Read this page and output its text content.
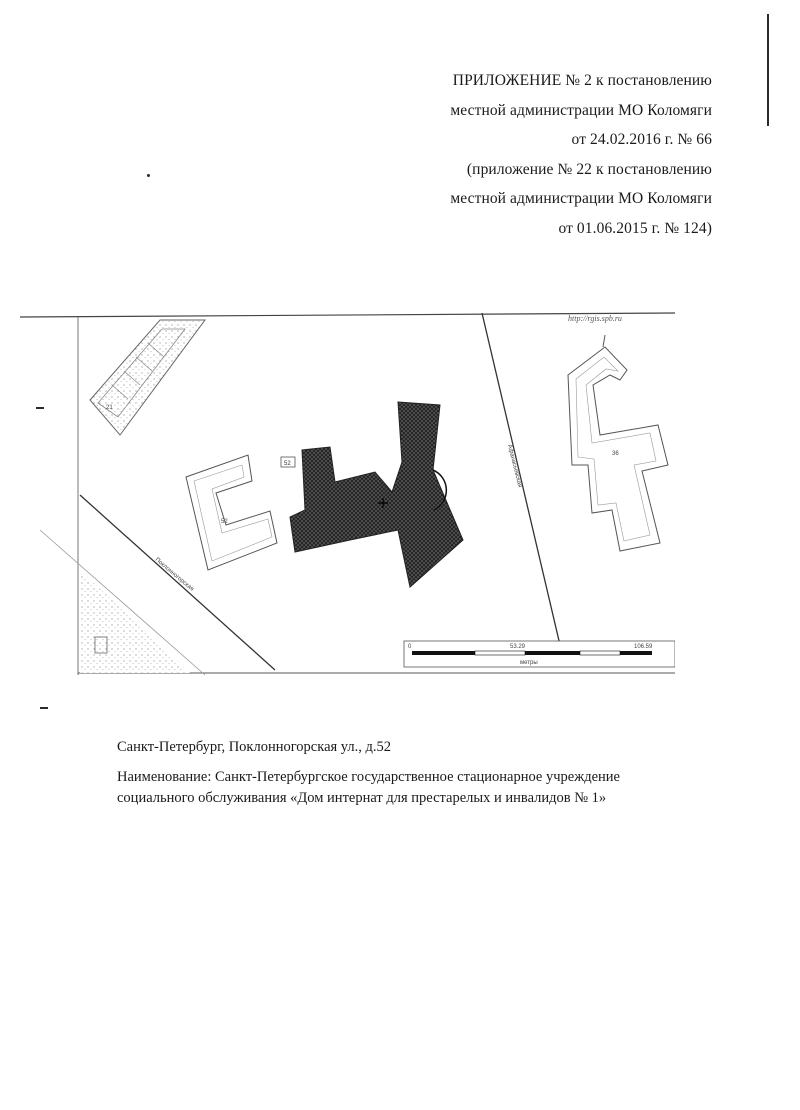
ПРИЛОЖЕНИЕ № 2 к постановлению
местной администрации МО Коломяги
от 24.02.2016 г. № 66
(приложение № 22 к постановлению
местной администрации МО Коломяги
от 01.06.2015 г. № 124)
http://rgis.spb.ru
21
Поклонногорская
Афанасьевская
52
52
36
0	53.29	106.59
метры
Санкт-Петербург, Поклонногорская ул., д.52
Наименование: Санкт-Петербургское государственное стационарное учреждение
социального обслуживания «Дом интернат для престарелых и инвалидов № 1»
